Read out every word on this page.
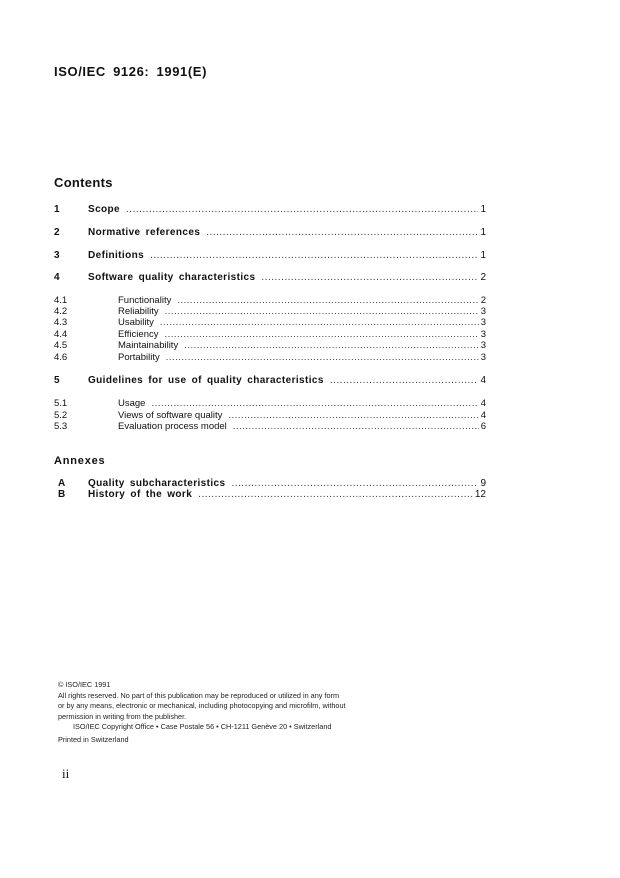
ISO/IEC 9126: 1991(E)
Contents
1	Scope .....	1
2	Normative references .....	1
3	Definitions .....	1
4	Software quality characteristics .....	2
4.1	Functionality .....	2
4.2	Reliability .....	3
4.3	Usability .....	3
4.4	Efficiency .....	3
4.5	Maintainability .....	3
4.6	Portability .....	3
5	Guidelines for use of quality characteristics .....	4
5.1	Usage .....	4
5.2	Views of software quality .....	4
5.3	Evaluation process model .....	6
Annexes
A	Quality subcharacteristics .....	9
B	History of the work .....	12
© ISO/IEC 1991
All rights reserved. No part of this publication may be reproduced or utilized in any form
or by any means, electronic or mechanical, including photocopying and microfilm, without
permission in writing from the publisher.
ISO/IEC Copyright Office • Case Postale 56 • CH-1211 Genève 20 • Switzerland
Printed in Switzerland
ii
